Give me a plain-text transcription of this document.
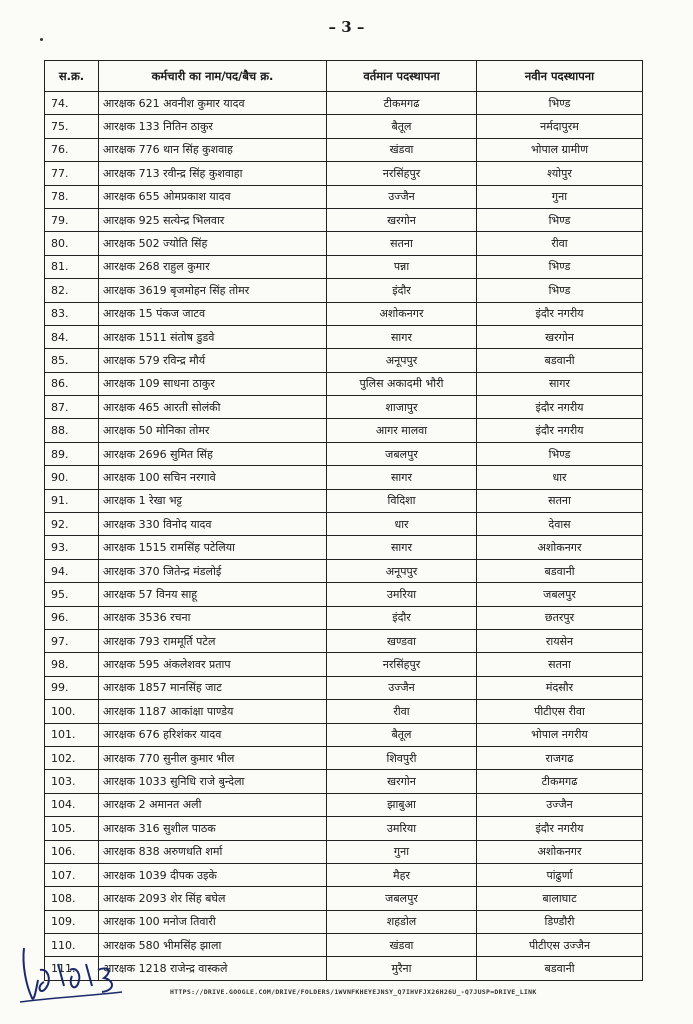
– 3 –
स.क्र.	कर्मचारी का नाम/पद/बैच क्र.	वर्तमान पदस्थापना	नवीन पदस्थापना
74.	आरक्षक 621 अवनीश कुमार यादव	टीकमगढ	भिण्ड
75.	आरक्षक 133 नितिन ठाकुर	बैतूल	नर्मदापुरम
76.	आरक्षक 776 थान सिंह कुशवाह	खंडवा	भोपाल ग्रामीण
77.	आरक्षक 713 रवीन्द्र सिंह कुशवाहा	नरसिंहपुर	श्योपुर
78.	आरक्षक 655 ओमप्रकाश यादव	उज्जैन	गुना
79.	आरक्षक 925 सत्येन्द्र भिलवार	खरगोन	भिण्ड
80.	आरक्षक 502 ज्योति सिंह	सतना	रीवा
81.	आरक्षक 268 राहुल कुमार	पन्ना	भिण्ड
82.	आरक्षक 3619 बृजमोहन सिंह तोमर	इंदौर	भिण्ड
83.	आरक्षक 15 पंकज जाटव	अशोकनगर	इंदौर नगरीय
84.	आरक्षक 1511 संतोष डुडवे	सागर	खरगोन
85.	आरक्षक 579 रविन्द्र मौर्य	अनूपपुर	बडवानी
86.	आरक्षक 109 साधना ठाकुर	पुलिस अकादमी भौरी	सागर
87.	आरक्षक 465 आरती सोलंकी	शाजापुर	इंदौर नगरीय
88.	आरक्षक 50 मोनिका तोमर	आगर मालवा	इंदौर नगरीय
89.	आरक्षक 2696 सुमित सिंह	जबलपुर	भिण्ड
90.	आरक्षक 100 सचिन नरगावे	सागर	धार
91.	आरक्षक 1 रेखा भट्ट	विदिशा	सतना
92.	आरक्षक 330 विनोद यादव	धार	देवास
93.	आरक्षक 1515 रामसिंह पटेलिया	सागर	अशोकनगर
94.	आरक्षक 370 जितेन्द्र मंडलोई	अनूपपुर	बडवानी
95.	आरक्षक 57 विनय साहू	उमरिया	जबलपुर
96.	आरक्षक 3536 रचना	इंदौर	छतरपुर
97.	आरक्षक 793 राममूर्ति पटेल	खण्डवा	रायसेन
98.	आरक्षक 595 अंकलेशवर प्रताप	नरसिंहपुर	सतना
99.	आरक्षक 1857 मानसिंह जाट	उज्जैन	मंदसौर
100.	आरक्षक 1187 आकांक्षा पाण्डेय	रीवा	पीटीएस रीवा
101.	आरक्षक 676 हरिशंकर यादव	बैतूल	भोपाल नगरीय
102.	आरक्षक 770 सुनील कुमार भील	शिवपुरी	राजगढ
103.	आरक्षक 1033 सुनिधि राजे बुन्देला	खरगोन	टीकमगढ
104.	आरक्षक 2 अमानत अली	झाबुआ	उज्जैन
105.	आरक्षक 316 सुशील पाठक	उमरिया	इंदौर नगरीय
106.	आरक्षक 838 अरुणधति शर्मा	गुना	अशोकनगर
107.	आरक्षक 1039 दीपक उइके	मैहर	पांढुर्णा
108.	आरक्षक 2093 शेर सिंह बघेल	जबलपुर	बालाघाट
109.	आरक्षक 100 मनोज तिवारी	शहडोल	डिण्डौरी
110.	आरक्षक 580 भीमसिंह झाला	खंडवा	पीटीएस उज्जैन
111.	आरक्षक 1218 राजेन्द्र वास्कले	मुरैना	बडवानी
HTTPS://DRIVE.GOOGLE.COM/DRIVE/FOLDERS/1WVNFKHEYEJNSY_Q7IHVFJX26H26U_-Q7JUSP=DRIVE_LINK
